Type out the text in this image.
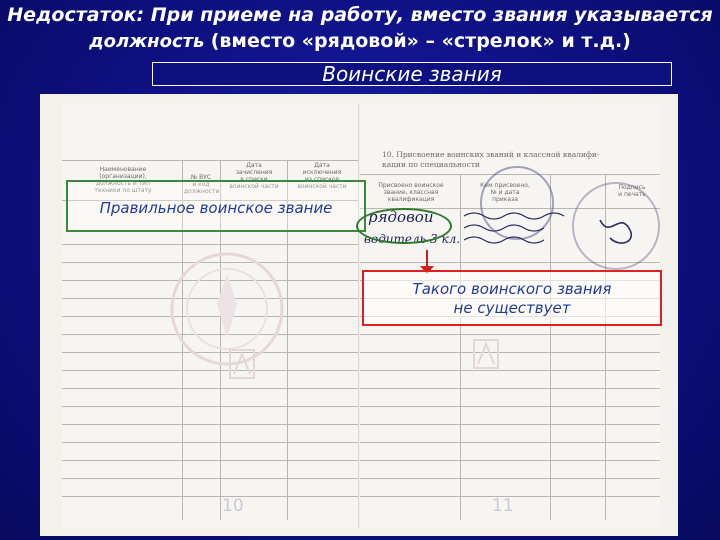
Недостаток: При приеме на работу, вместо звания указывается
должность (вместо «рядовой» – «стрелок» и т.д.)
Воинские звания
Наименование
(организации),
должность и тип
техники по штату
№ ВУС
и код
должности
Дата
зачисления
в списки
воинской части
Дата
исключения
из списков
воинской части
10
10. Присвоение воинских званий и классной квалифи-
кации по специальности
Присвоено воинское
звание, классная
квалификация
Кем присвоено,
№ и дата
приказа
Подпись
и печать
рядовой
водитель 3 кл.
11
Правильное воинское звание
Такого воинского звания
не существует
